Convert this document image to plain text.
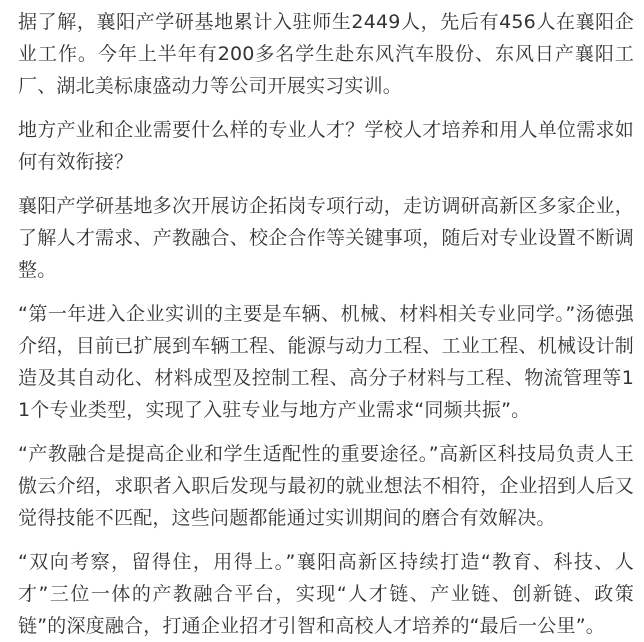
据了解，襄阳产学研基地累计入驻师生2449人，先后有456人在襄阳企业工作。今年上半年有200多名学生赴东风汽车股份、东风日产襄阳工厂、湖北美标康盛动力等公司开展实习实训。

地方产业和企业需要什么样的专业人才？学校人才培养和用人单位需求如何有效衔接？

襄阳产学研基地多次开展访企拓岗专项行动，走访调研高新区多家企业，了解人才需求、产教融合、校企合作等关键事项，随后对专业设置不断调整。

“第一年进入企业实训的主要是车辆、机械、材料相关专业同学。”汤德强介绍，目前已扩展到车辆工程、能源与动力工程、工业工程、机械设计制造及其自动化、材料成型及控制工程、高分子材料与工程、物流管理等11个专业类型，实现了入驻专业与地方产业需求“同频共振”。

“产教融合是提高企业和学生适配性的重要途径。”高新区科技局负责人王傲云介绍，求职者入职后发现与最初的就业想法不相符，企业招到人后又觉得技能不匹配，这些问题都能通过实训期间的磨合有效解决。

“双向考察，留得住，用得上。”襄阳高新区持续打造“教育、科技、人才”三位一体的产教融合平台，实现“人才链、产业链、创新链、政策链”的深度融合，打通企业招才引智和高校人才培养的“最后一公里”。
